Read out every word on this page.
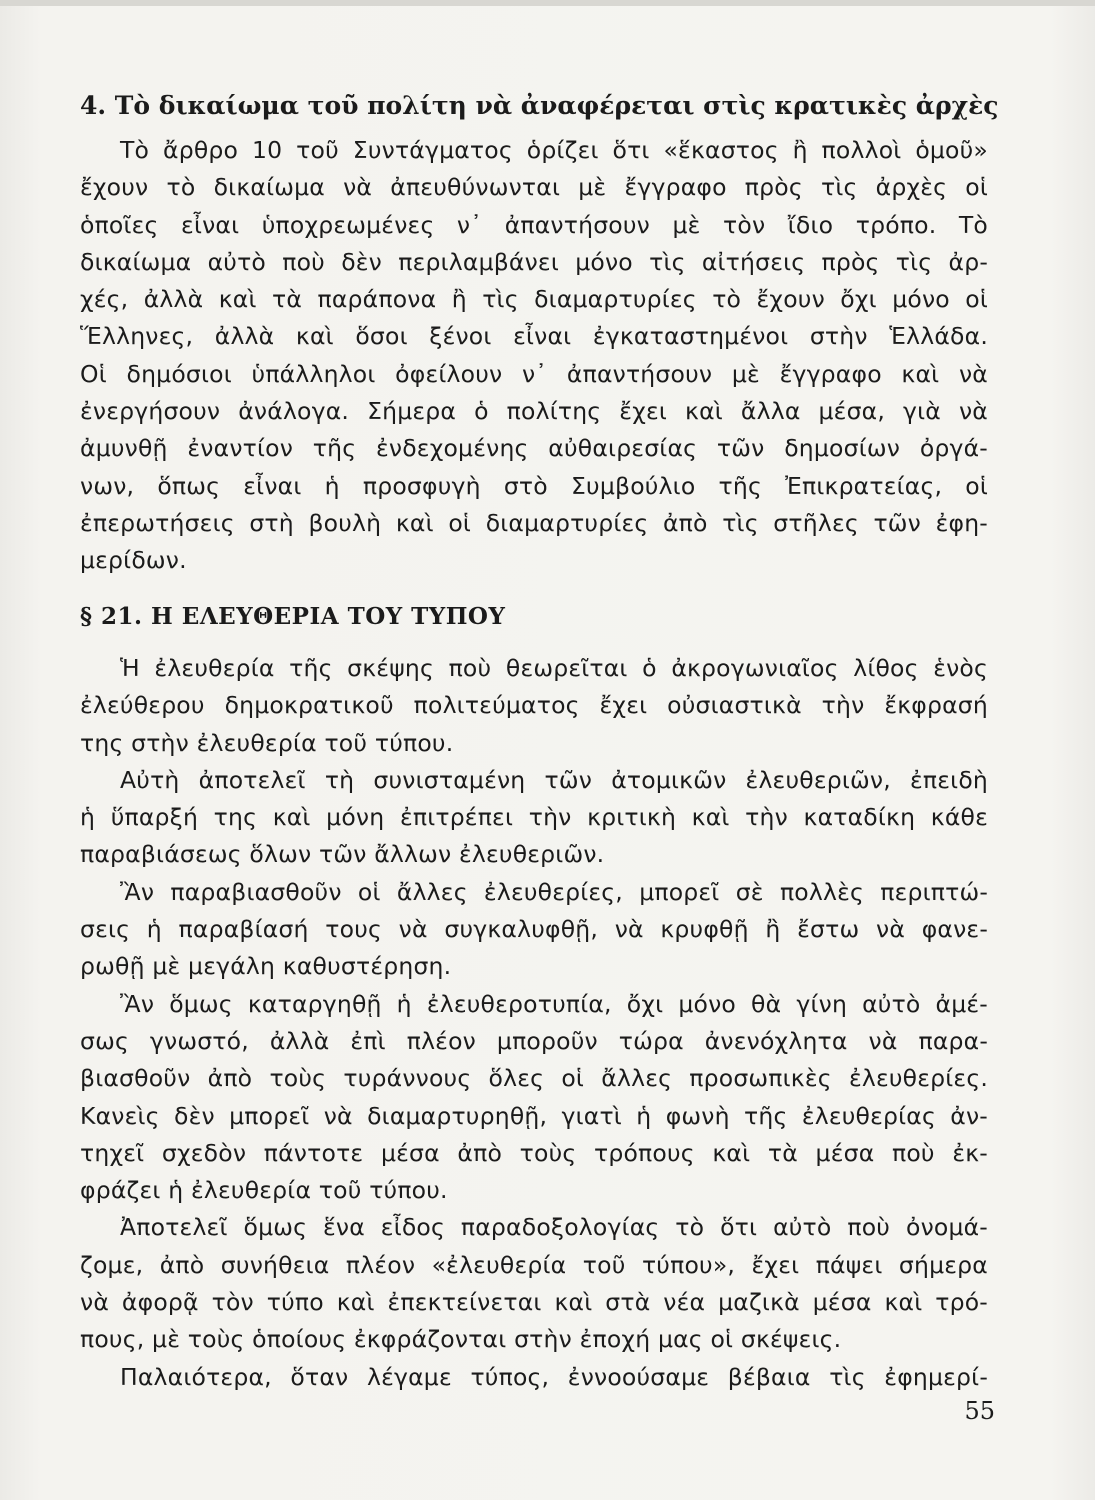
4. Τὸ δικαίωμα τοῦ πολίτη νὰ ἀναφέρεται στὶς κρατικὲς ἀρχὲς
Τὸ ἄρθρο 10 τοῦ Συντάγματος ὁρίζει ὅτι «ἕκαστος ἢ πολλοὶ ὁμοῦ»
ἔχουν τὸ δικαίωμα νὰ ἀπευθύνωνται μὲ ἔγγραφο πρὸς τὶς ἀρχὲς οἱ
ὁποῖες εἶναι ὑποχρεωμένες ν᾽ ἀπαντήσουν μὲ τὸν ἴδιο τρόπο. Τὸ
δικαίωμα αὐτὸ ποὺ δὲν περιλαμβάνει μόνο τὶς αἰτήσεις πρὸς τὶς ἀρ-
χές, ἀλλὰ καὶ τὰ παράπονα ἢ τὶς διαμαρτυρίες τὸ ἔχουν ὄχι μόνο οἱ
Ἕλληνες, ἀλλὰ καὶ ὅσοι ξένοι εἶναι ἐγκαταστημένοι στὴν Ἑλλάδα.
Οἱ δημόσιοι ὑπάλληλοι ὀφείλουν ν᾽ ἀπαντήσουν μὲ ἔγγραφο καὶ νὰ
ἐνεργήσουν ἀνάλογα. Σήμερα ὁ πολίτης ἔχει καὶ ἄλλα μέσα, γιὰ νὰ
ἀμυνθῇ ἐναντίον τῆς ἐνδεχομένης αὐθαιρεσίας τῶν δημοσίων ὀργά-
νων, ὅπως εἶναι ἡ προσφυγὴ στὸ Συμβούλιο τῆς Ἐπικρατείας, οἱ
ἐπερωτήσεις στὴ βουλὴ καὶ οἱ διαμαρτυρίες ἀπὸ τὶς στῆλες τῶν ἐφη-
μερίδων.
§ 21. Η ΕΛΕΥΘΕΡΙΑ ΤΟΥ ΤΥΠΟΥ
Ἡ ἐλευθερία τῆς σκέψης ποὺ θεωρεῖται ὁ ἀκρογωνιαῖος λίθος ἑνὸς
ἐλεύθερου δημοκρατικοῦ πολιτεύματος ἔχει οὐσιαστικὰ τὴν ἔκφρασή
της στὴν ἐλευθερία τοῦ τύπου.
Αὐτὴ ἀποτελεῖ τὴ συνισταμένη τῶν ἀτομικῶν ἐλευθεριῶν, ἐπειδὴ
ἡ ὕπαρξή της καὶ μόνη ἐπιτρέπει τὴν κριτικὴ καὶ τὴν καταδίκη κάθε
παραβιάσεως ὅλων τῶν ἄλλων ἐλευθεριῶν.
Ἂν παραβιασθοῦν οἱ ἄλλες ἐλευθερίες, μπορεῖ σὲ πολλὲς περιπτώ-
σεις ἡ παραβίασή τους νὰ συγκαλυφθῇ, νὰ κρυφθῇ ἢ ἔστω νὰ φανε-
ρωθῇ μὲ μεγάλη καθυστέρηση.
Ἂν ὅμως καταργηθῇ ἡ ἐλευθεροτυπία, ὄχι μόνο θὰ γίνη αὐτὸ ἀμέ-
σως γνωστό, ἀλλὰ ἐπὶ πλέον μποροῦν τώρα ἀνενόχλητα νὰ παρα-
βιασθοῦν ἀπὸ τοὺς τυράννους ὅλες οἱ ἄλλες προσωπικὲς ἐλευθερίες.
Κανεὶς δὲν μπορεῖ νὰ διαμαρτυρηθῇ, γιατὶ ἡ φωνὴ τῆς ἐλευθερίας ἀν-
τηχεῖ σχεδὸν πάντοτε μέσα ἀπὸ τοὺς τρόπους καὶ τὰ μέσα ποὺ ἐκ-
φράζει ἡ ἐλευθερία τοῦ τύπου.
Ἀποτελεῖ ὅμως ἕνα εἶδος παραδοξολογίας τὸ ὅτι αὐτὸ ποὺ ὀνομά-
ζομε, ἀπὸ συνήθεια πλέον «ἐλευθερία τοῦ τύπου», ἔχει πάψει σήμερα
νὰ ἀφορᾷ τὸν τύπο καὶ ἐπεκτείνεται καὶ στὰ νέα μαζικὰ μέσα καὶ τρό-
πους, μὲ τοὺς ὁποίους ἐκφράζονται στὴν ἐποχή μας οἱ σκέψεις.
Παλαιότερα, ὅταν λέγαμε τύπος, ἐννοούσαμε βέβαια τὶς ἐφημερί-
55
